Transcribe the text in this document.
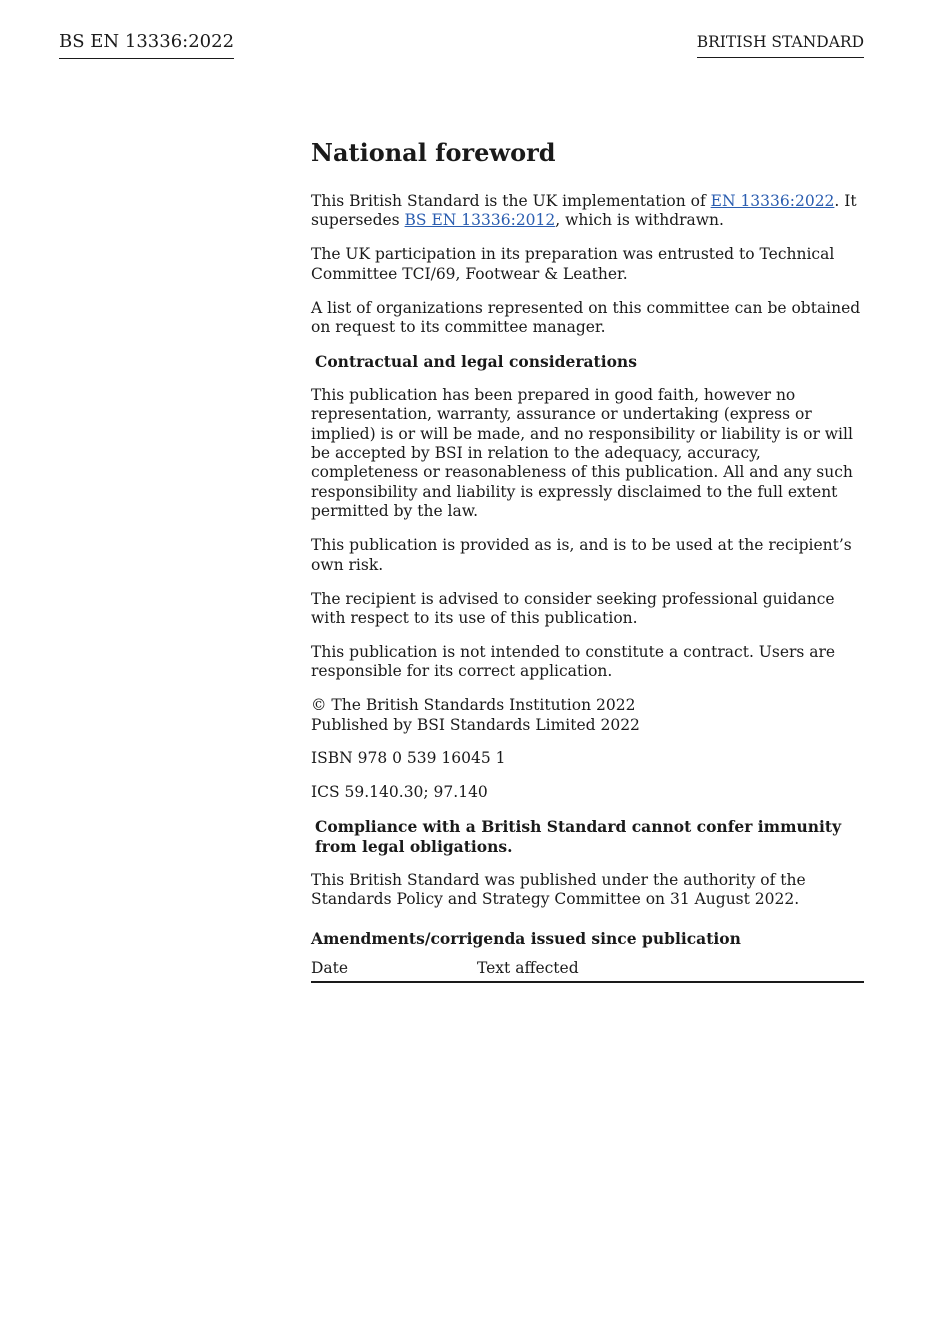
BS EN 13336:2022	BRITISH STANDARD
National foreword

This British Standard is the UK implementation of EN 13336:2022. It supersedes BS EN 13336:2012, which is withdrawn.

The UK participation in its preparation was entrusted to Technical Committee TCI/69, Footwear & Leather.

A list of organizations represented on this committee can be obtained on request to its committee manager.

Contractual and legal considerations

This publication has been prepared in good faith, however no representation, warranty, assurance or undertaking (express or implied) is or will be made, and no responsibility or liability is or will be accepted by BSI in relation to the adequacy, accuracy, completeness or reasonableness of this publication. All and any such responsibility and liability is expressly disclaimed to the full extent permitted by the law.

This publication is provided as is, and is to be used at the recipient’s own risk.

The recipient is advised to consider seeking professional guidance with respect to its use of this publication.

This publication is not intended to constitute a contract. Users are responsible for its correct application.

© The British Standards Institution 2022
Published by BSI Standards Limited 2022

ISBN 978 0 539 16045 1

ICS 59.140.30; 97.140

Compliance with a British Standard cannot confer immunity from legal obligations.

This British Standard was published under the authority of the Standards Policy and Strategy Committee on 31 August 2022.

Amendments/corrigenda issued since publication
Date	Text affected
